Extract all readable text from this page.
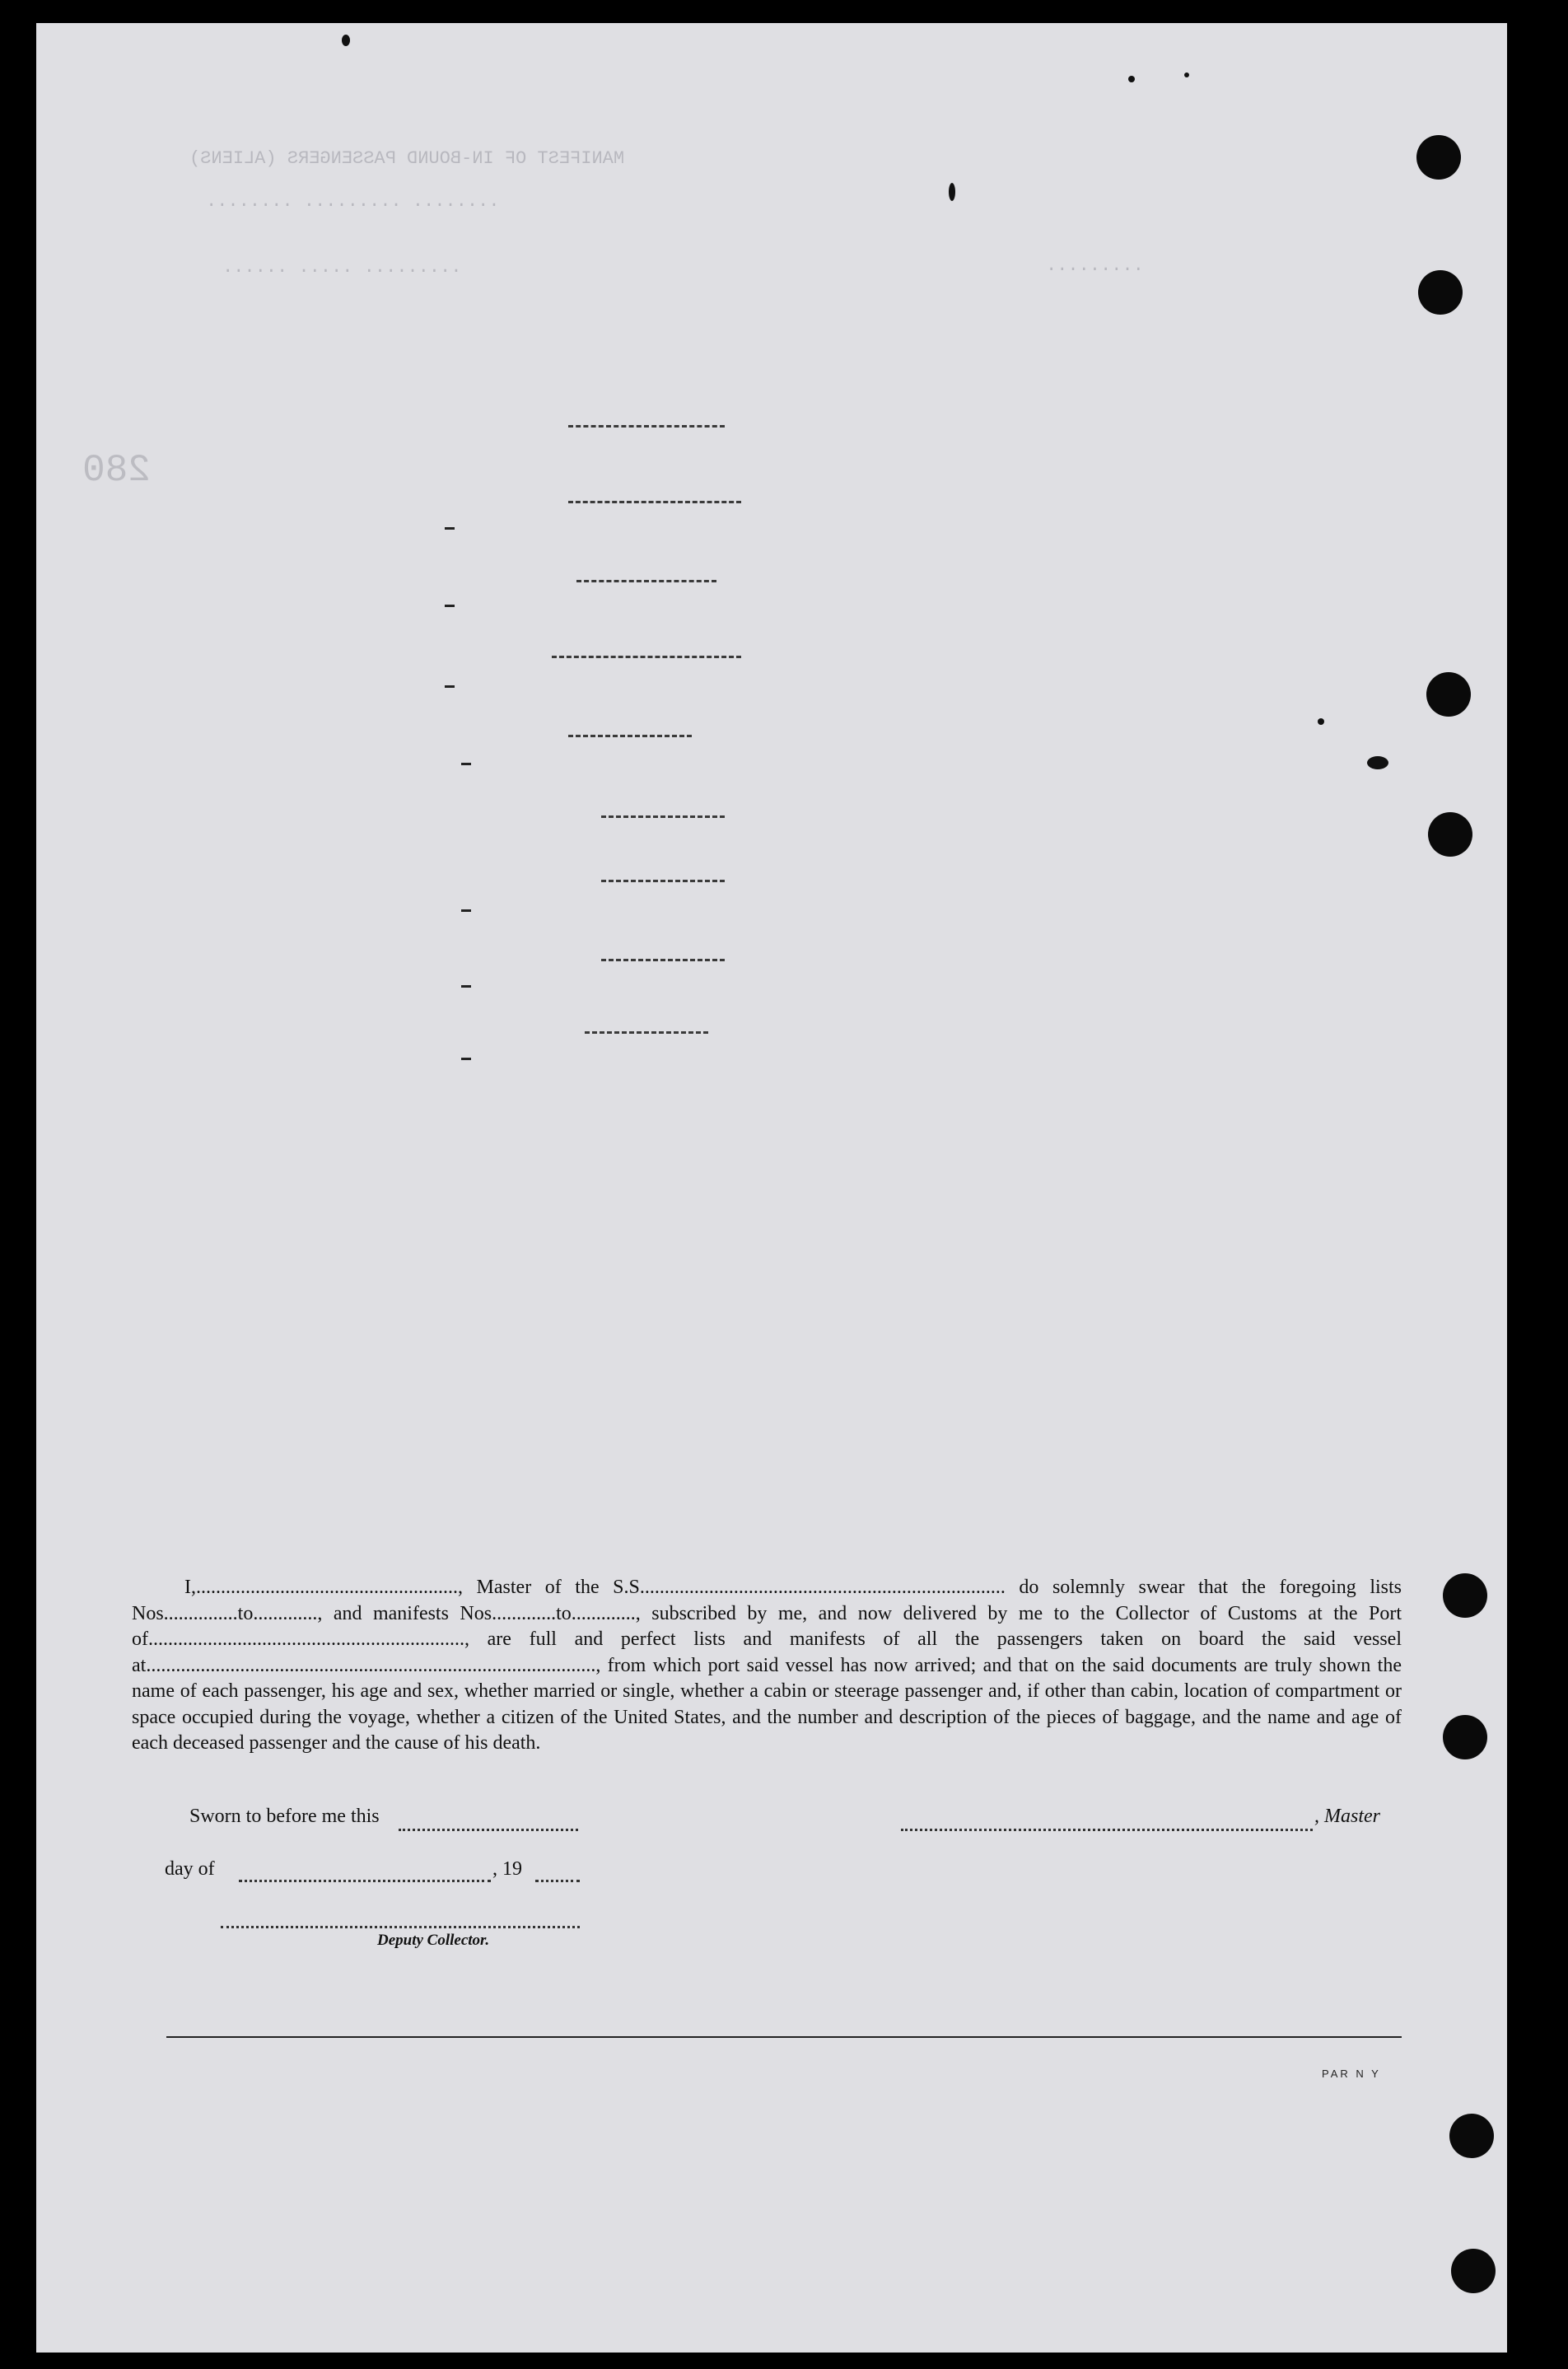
MANIFEST OF IN-BOUND PASSENGERS (ALIENS)
........ ......... ........
......... ..... ......	.........
280
I,....................................................., Master of the S.S.......................................................................... do solemnly swear that the foregoing lists Nos...............to............., and manifests Nos.............to............., subscribed by me, and now delivered by me to the Collector of Customs at the Port of................................................................, are full and perfect lists and manifests of all the passengers taken on board the said vessel at..........................................................................................., from which port said vessel has now arrived; and that on the said documents are truly shown the name of each passenger, his age and sex, whether married or single, whether a cabin or steerage passenger and, if other than cabin, location of compartment or space occupied during the voyage, whether a citizen of the United States, and the number and description of the pieces of baggage, and the name and age of each deceased passenger and the cause of his death.
Sworn to before me this	, Master
day of	, 19
Deputy Collector.
PAR N Y
